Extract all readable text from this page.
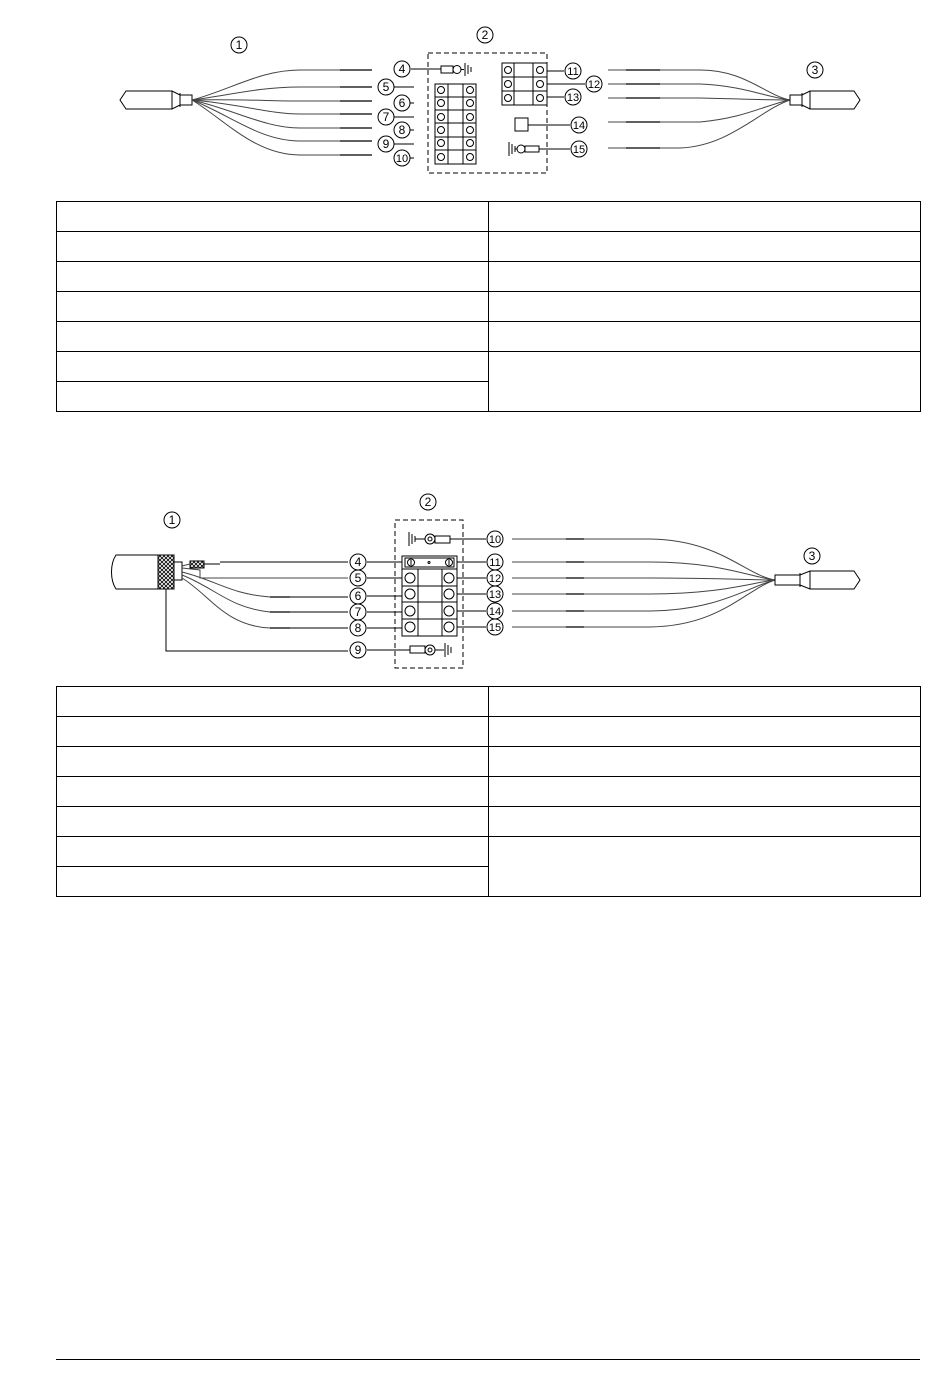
1
2
3
4
5
6
7
8
9
10
11
12
13
14
15

1
2
3
4
5
6
7
8
9
10
11
12
13
14
15
